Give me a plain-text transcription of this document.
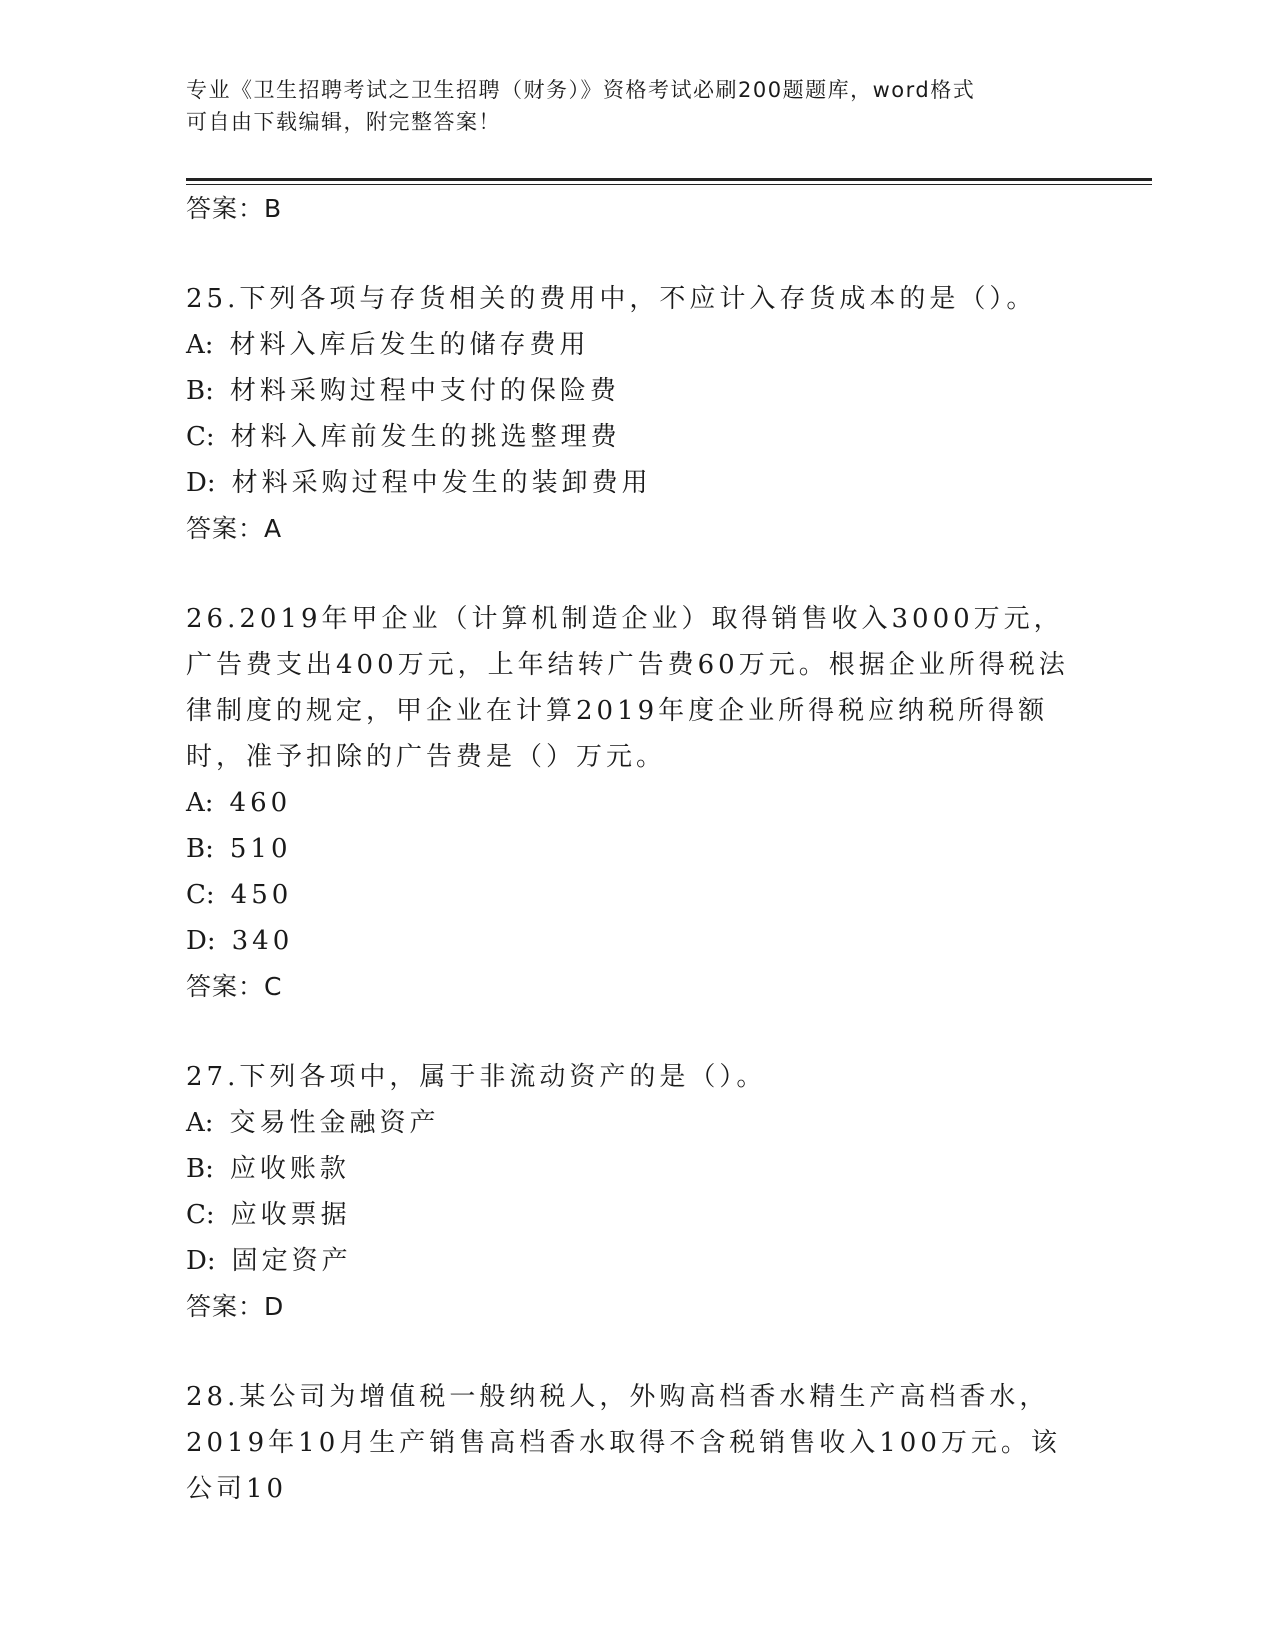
专业《卫生招聘考试之卫生招聘（财务）》资格考试必刷200题题库，word格式
可自由下载编辑，附完整答案！
答案：B
25.下列各项与存货相关的费用中，不应计入存货成本的是（）。
A: 材料入库后发生的储存费用
B: 材料采购过程中支付的保险费
C: 材料入库前发生的挑选整理费
D: 材料采购过程中发生的装卸费用
答案：A
26.2019年甲企业（计算机制造企业）取得销售收入3000万元，广告费支出400万元，上年结转广告费60万元。根据企业所得税法律制度的规定，甲企业在计算2019年度企业所得税应纳税所得额时，准予扣除的广告费是（）万元。
A: 460
B: 510
C: 450
D: 340
答案：C
27.下列各项中，属于非流动资产的是（）。
A: 交易性金融资产
B: 应收账款
C: 应收票据
D: 固定资产
答案：D
28.某公司为增值税一般纳税人，外购高档香水精生产高档香水，2019年10月生产销售高档香水取得不含税销售收入100万元。该公司10
